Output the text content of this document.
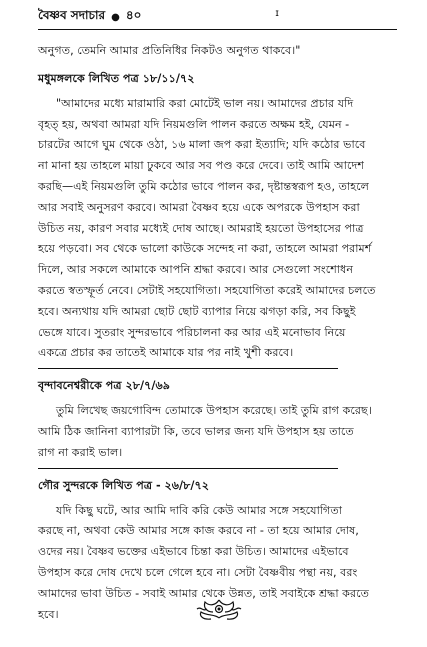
বৈষ্ণব সদাচার ● ৪০	ɪ

অনুগত, তেমনি আমার প্রতিনিধির নিকটও অনুগত থাকবে।"

মধুমঙ্গলকে লিখিত পত্র ১৮/১১/৭২

"আমাদের মধ্যে মারামারি করা মোটেই ভাল নয়। আমাদের প্রচার যদি
বৃহত্ হয়, অথবা আমরা যদি নিয়মগুলি পালন করতে অক্ষম হই, যেমন -
চারটের আগে ঘুম থেকে ওঠা, ১৬ মালা জপ করা ইত্যাদি; যদি কঠোর ভাবে
না মানা হয় তাহলে মায়া ঢুকবে আর সব পণ্ড করে দেবে। তাই আমি আদেশ
করছি—এই নিয়মগুলি তুমি কঠোর ভাবে পালন কর, দৃষ্টান্তস্বরূপ হও, তাহলে
আর সবাই অনুসরণ করবে। আমরা বৈষ্ণব হয়ে একে অপরকে উপহাস করা
উচিত নয়, কারণ সবার মধ্যেই দোষ আছে। আমরাই হয়তো উপহাসের পাত্র
হয়ে পড়বো। সব থেকে ভালো কাউকে সন্দেহ না করা, তাহলে আমরা পরামর্শ
দিলে, আর সকলে আমাকে আপনি শ্রদ্ধা করবে। আর সেগুলো সংশোধন
করতে স্বতস্ফূর্ত নেবে। সেটাই সহযোগিতা। সহযোগিতা করেই আমাদের চলতে
হবে। অন্যথায় যদি আমরা ছোট ছোট ব্যাপার নিয়ে ঝগড়া করি, সব কিছুই
ভেঙ্গে যাবে। সুতরাং সুন্দরভাবে পরিচালনা কর আর এই মনোভাব নিয়ে
একত্রে প্রচার কর তাতেই আমাকে যার পর নাই খুশী করবে।

বৃন্দাবনেশ্বরীকে পত্র ২৮/৭/৬৯

তুমি লিখেছ জয়গোবিন্দ তোমাকে উপহাস করেছে। তাই তুমি রাগ করেছ।
আমি ঠিক জানিনা ব্যাপারটা কি, তবে ভালর জন্য যদি উপহাস হয় তাতে
রাগ না করাই ভাল।

গৌর সুন্দরকে লিখিত পত্র - ২৬/৮/৭২

যদি কিছু ঘটে, আর আমি দাবি করি কেউ আমার সঙ্গে সহযোগিতা
করছে না, অথবা কেউ আমার সঙ্গে কাজ করবে না - তা হয়ে আমার দোষ,
ওদের নয়। বৈষ্ণব ভক্তের এইভাবে চিন্তা করা উচিত। আমাদের এইভাবে
উপহাস করে দোষ দেখে চলে গেলে হবে না। সেটা বৈষ্ণবীয় পন্থা নয়, বরং
আমাদের ভাবা উচিত - সবাই আমার থেকে উন্নত, তাই সবাইকে শ্রদ্ধা করতে
হবে।
